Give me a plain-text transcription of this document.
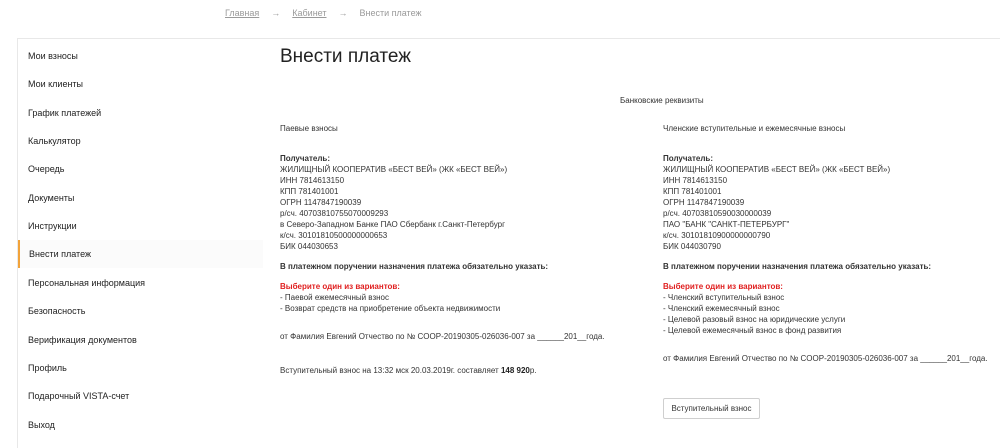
Главная → Кабинет → Внести платеж
Мои взносы
Мои клиенты
График платежей
Калькулятор
Очередь
Документы
Инструкции
Внести платеж
Персональная информация
Безопасность
Верификация документов
Профиль
Подарочный VISTA-счет
Выход
Внести платеж
Банковские реквизиты
Паевые взносы
Получатель:
ЖИЛИЩНЫЙ КООПЕРАТИВ «БЕСТ ВЕЙ» (ЖК «БЕСТ ВЕЙ»)
ИНН 7814613150
КПП 781401001
ОГРН 1147847190039
р/сч. 40703810755070009293
в Северо-Западном Банке ПАО Сбербанк г.Санкт-Петербург
к/сч. 30101810500000000653
БИК 044030653
В платежном поручении назначения платежа обязательно указать:
Выберите один из вариантов:
- Паевой ежемесячный взнос
- Возврат средств на приобретение объекта недвижимости
от Фамилия Евгений Отчество по № COOP-20190305-026036-007 за ______201__года.
Членские вступительные и ежемесячные взносы
Получатель:
ЖИЛИЩНЫЙ КООПЕРАТИВ «БЕСТ ВЕЙ» (ЖК «БЕСТ ВЕЙ»)
ИНН 7814613150
КПП 781401001
ОГРН 1147847190039
р/сч. 40703810590030000039
ПАО "БАНК "САНКТ-ПЕТЕРБУРГ"
к/сч. 30101810900000000790
БИК 044030790
В платежном поручении назначения платежа обязательно указать:
Выберите один из вариантов:
- Членский вступительный взнос
- Членский ежемесячный взнос
- Целевой разовый взнос на юридические услуги
- Целевой ежемесячный взнос в фонд развития
от Фамилия Евгений Отчество по № COOP-20190305-026036-007 за ______201__года.
Вступительный взнос на 13:32 мск 20.03.2019г. составляет 148 920р.
Вступительный взнос
